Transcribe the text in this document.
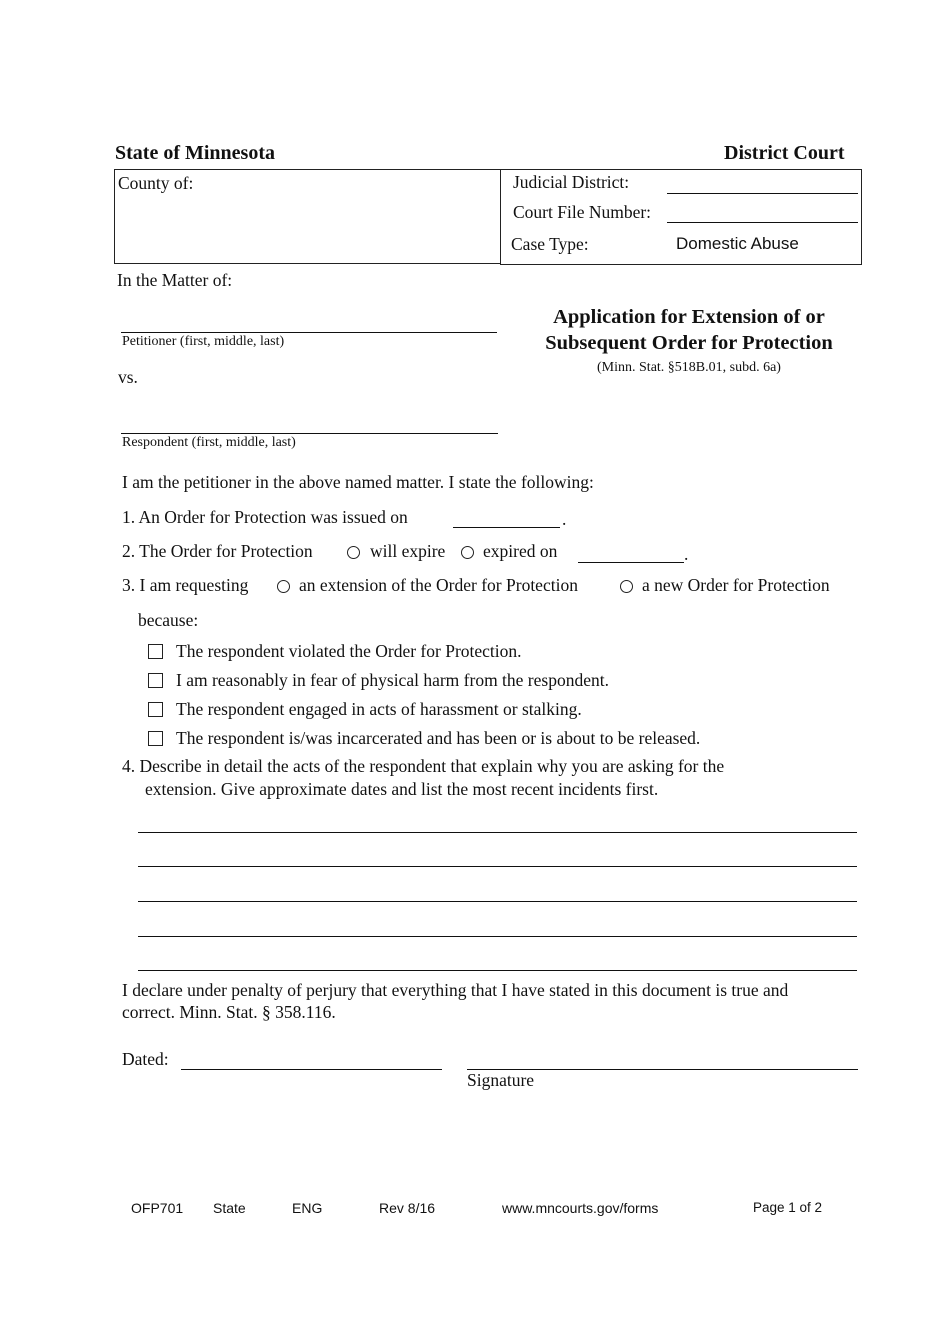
State of Minnesota	District Court
County of:	Judicial District:
Court File Number:
Case Type:	Domestic Abuse
In the Matter of:
Petitioner (first, middle, last)
vs.
Respondent (first, middle, last)
Application for Extension of or
Subsequent Order for Protection
(Minn. Stat. §518B.01, subd. 6a)
I am the petitioner in the above named matter. I state the following:
1. An Order for Protection was issued on	.
2. The Order for Protection	will expire expired on	.
3. I am requesting	an extension of the Order for Protection	a new Order for Protection
because:
The respondent violated the Order for Protection.
I am reasonably in fear of physical harm from the respondent.
The respondent engaged in acts of harassment or stalking.
The respondent is/was incarcerated and has been or is about to be released.
4. Describe in detail the acts of the respondent that explain why you are asking for the
extension. Give approximate dates and list the most recent incidents first.
I declare under penalty of perjury that everything that I have stated in this document is true and
correct. Minn. Stat. § 358.116.
Dated:
Signature
OFP701 State	ENG	Rev 8/16	www.mncourts.gov/forms	Page 1 of 2
